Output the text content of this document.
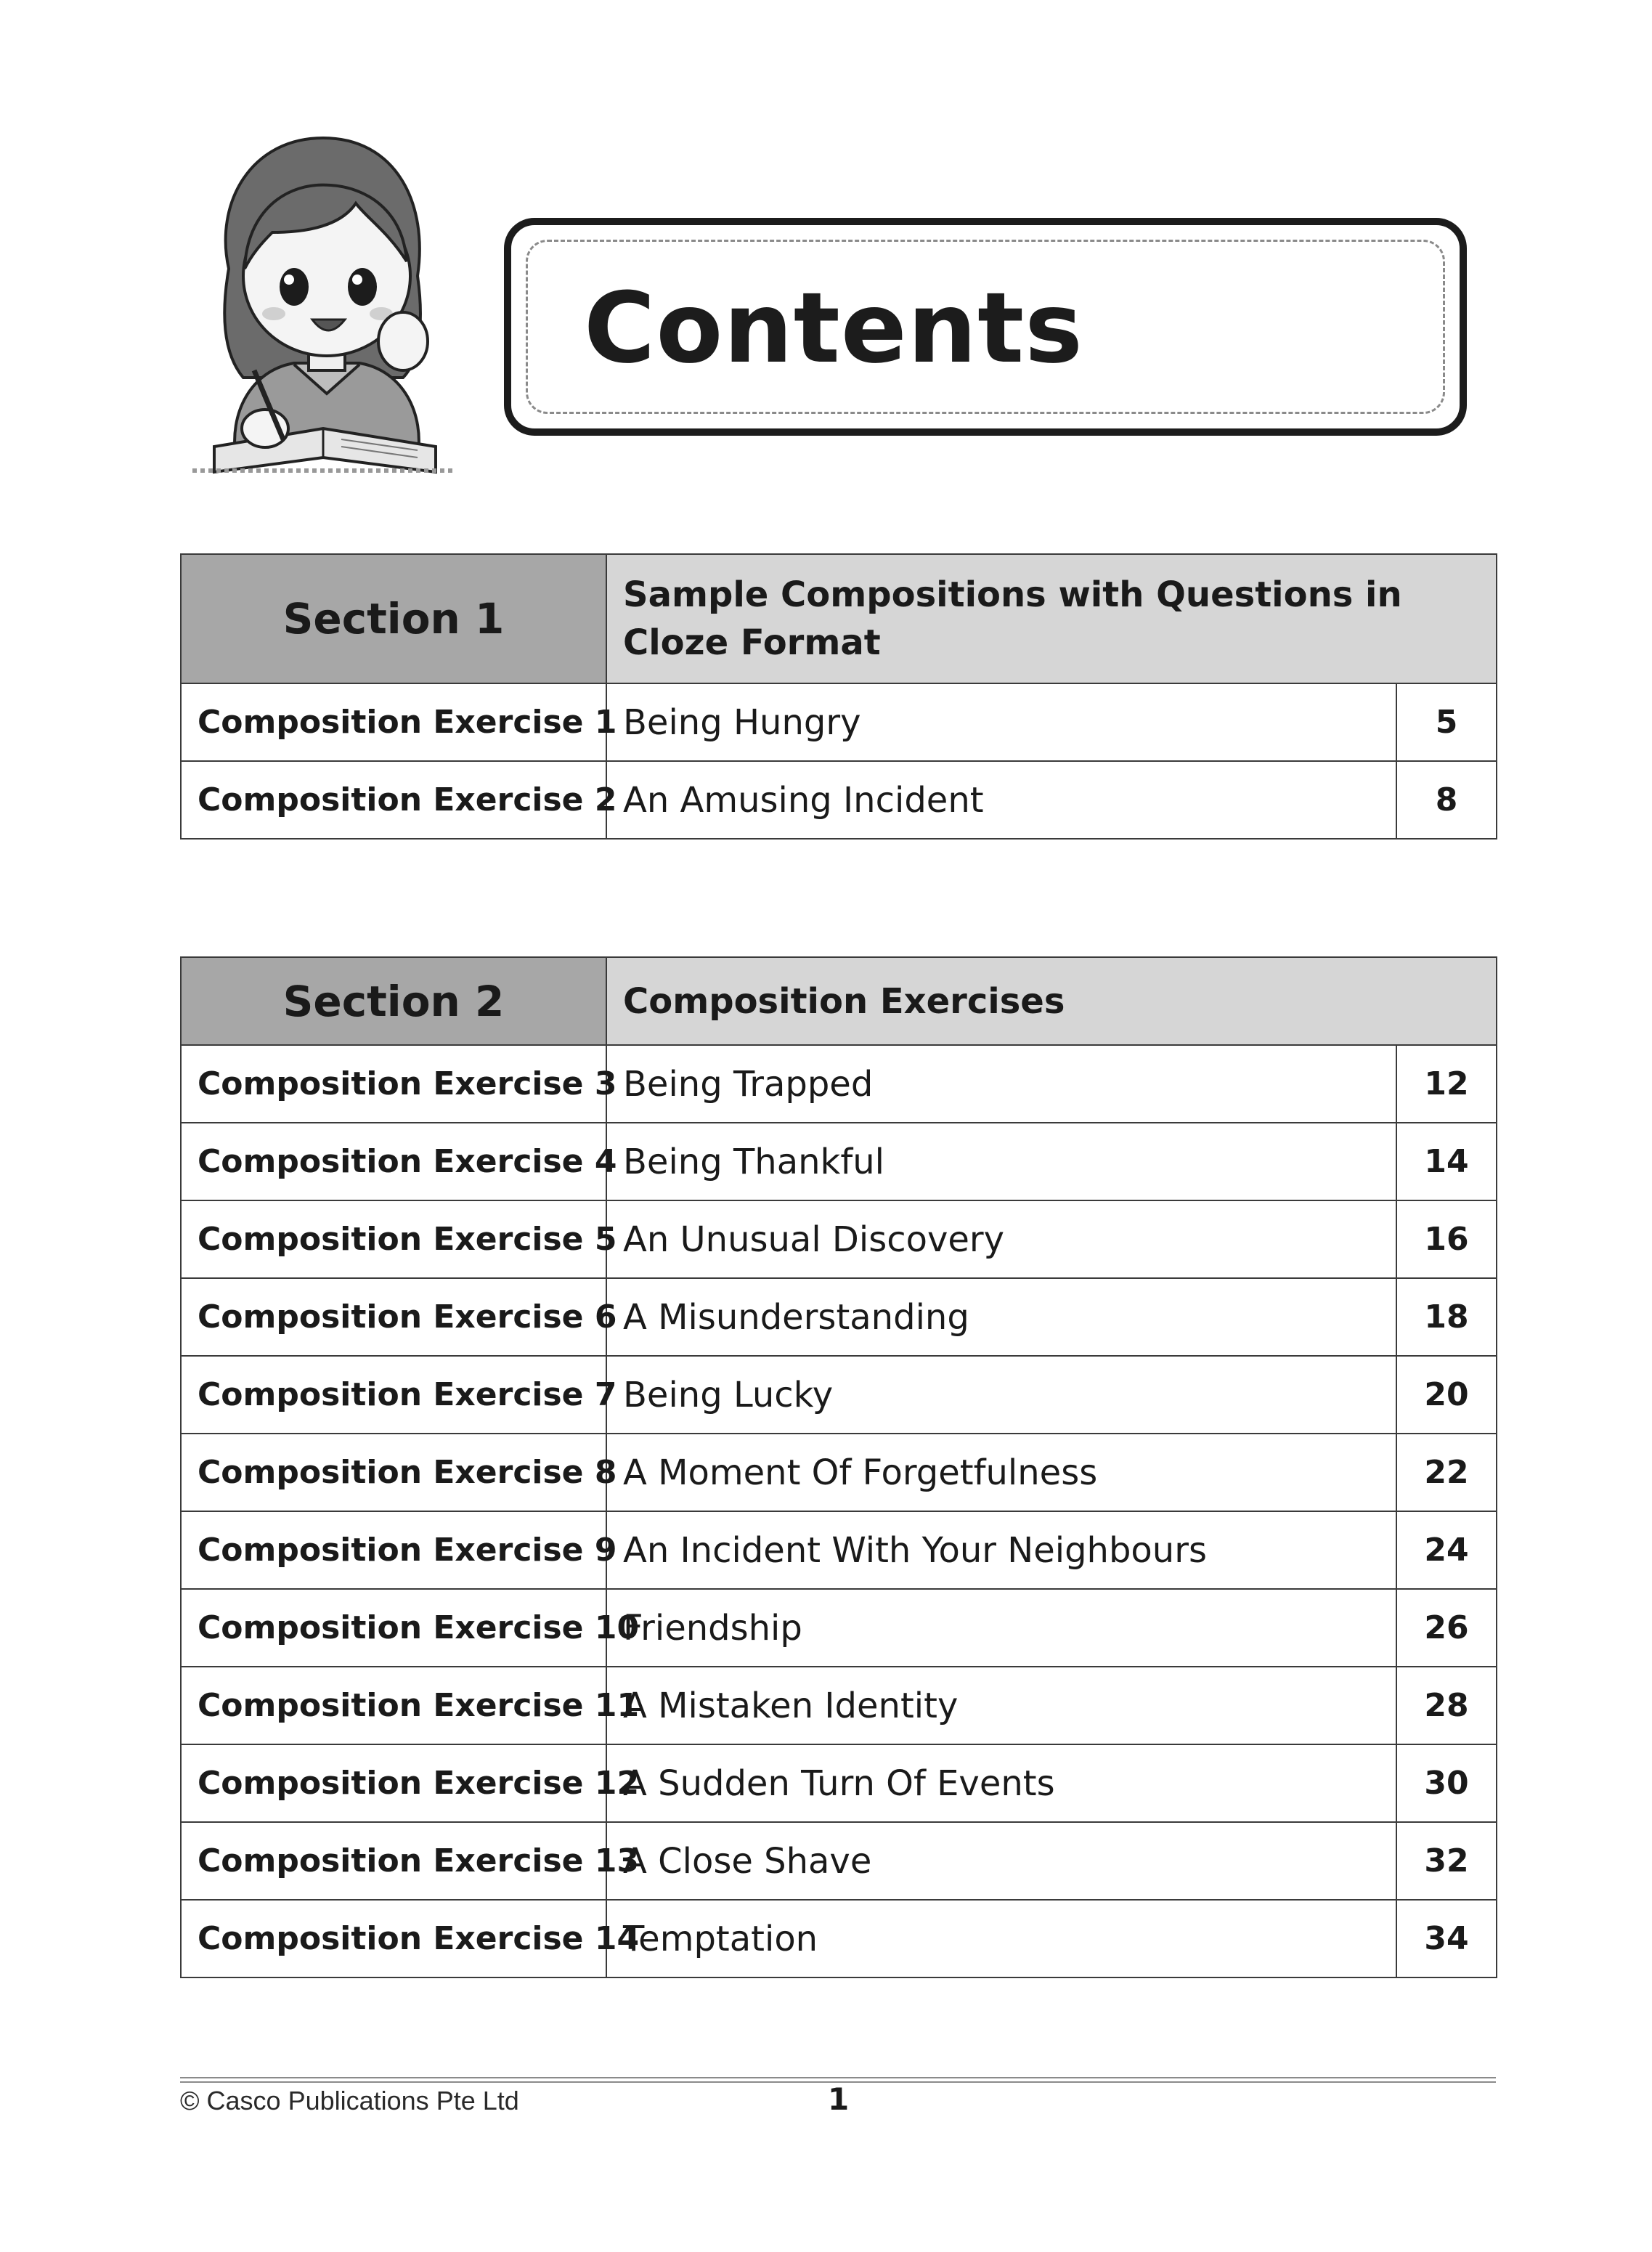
Contents
Section 1	Sample Compositions with Questions in Cloze Format	
Composition Exercise 1	Being Hungry	5
Composition Exercise 2	An Amusing Incident	8
Section 2	Composition Exercises	
Composition Exercise 3	Being Trapped	12
Composition Exercise 4	Being Thankful	14
Composition Exercise 5	An Unusual Discovery	16
Composition Exercise 6	A Misunderstanding	18
Composition Exercise 7	Being Lucky	20
Composition Exercise 8	A Moment Of Forgetfulness	22
Composition Exercise 9	An Incident With Your Neighbours	24
Composition Exercise 10	Friendship	26
Composition Exercise 11	A Mistaken Identity	28
Composition Exercise 12	A Sudden Turn Of Events	30
Composition Exercise 13	A Close Shave	32
Composition Exercise 14	Temptation	34
© Casco Publications Pte Ltd	1
